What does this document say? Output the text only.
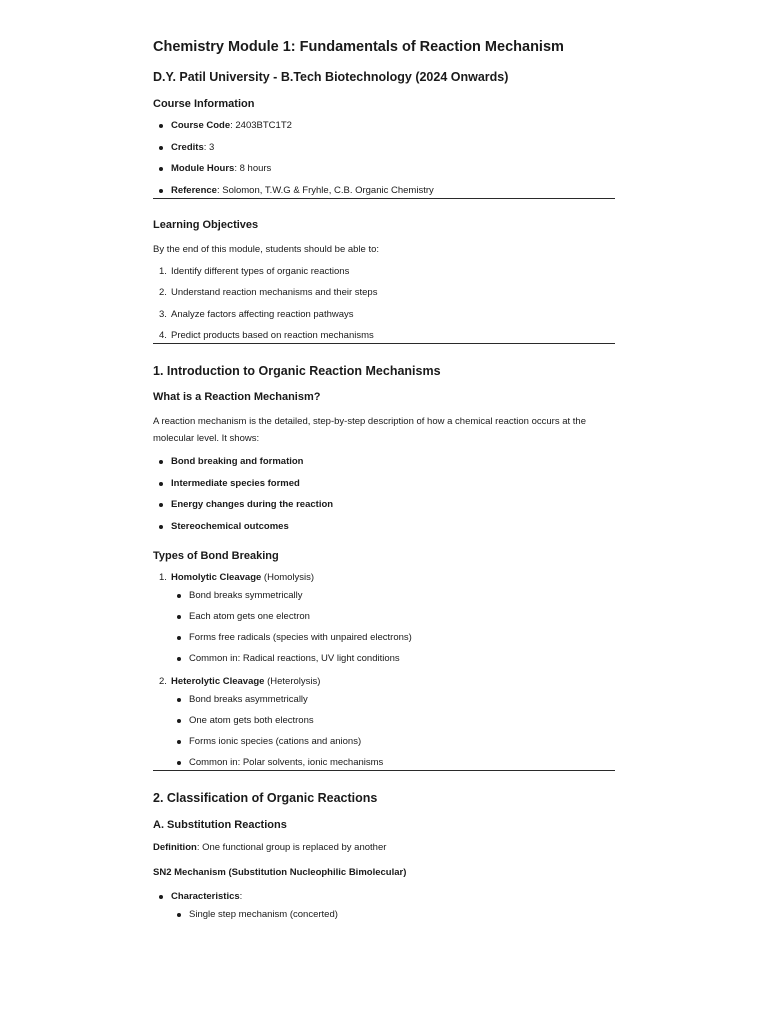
Chemistry Module 1: Fundamentals of Reaction Mechanism
D.Y. Patil University - B.Tech Biotechnology (2024 Onwards)
Course Information
Course Code: 2403BTC1T2
Credits: 3
Module Hours: 8 hours
Reference: Solomon, T.W.G & Fryhle, C.B. Organic Chemistry
Learning Objectives

By the end of this module, students should be able to:

1. Identify different types of organic reactions
2. Understand reaction mechanisms and their steps
3. Analyze factors affecting reaction pathways
4. Predict products based on reaction mechanisms
1. Introduction to Organic Reaction Mechanisms
What is a Reaction Mechanism?

A reaction mechanism is the detailed, step-by-step description of how a chemical reaction occurs at the molecular level. It shows:

Bond breaking and formation
Intermediate species formed
Energy changes during the reaction
Stereochemical outcomes
Types of Bond Breaking
1. Homolytic Cleavage (Homolysis)
Bond breaks symmetrically
Each atom gets one electron
Forms free radicals (species with unpaired electrons)
Common in: Radical reactions, UV light conditions
2. Heterolytic Cleavage (Heterolysis)
Bond breaks asymmetrically
One atom gets both electrons
Forms ionic species (cations and anions)
Common in: Polar solvents, ionic mechanisms
2. Classification of Organic Reactions
A. Substitution Reactions

Definition: One functional group is replaced by another

SN2 Mechanism (Substitution Nucleophilic Bimolecular)
Characteristics:
Single step mechanism (concerted)
